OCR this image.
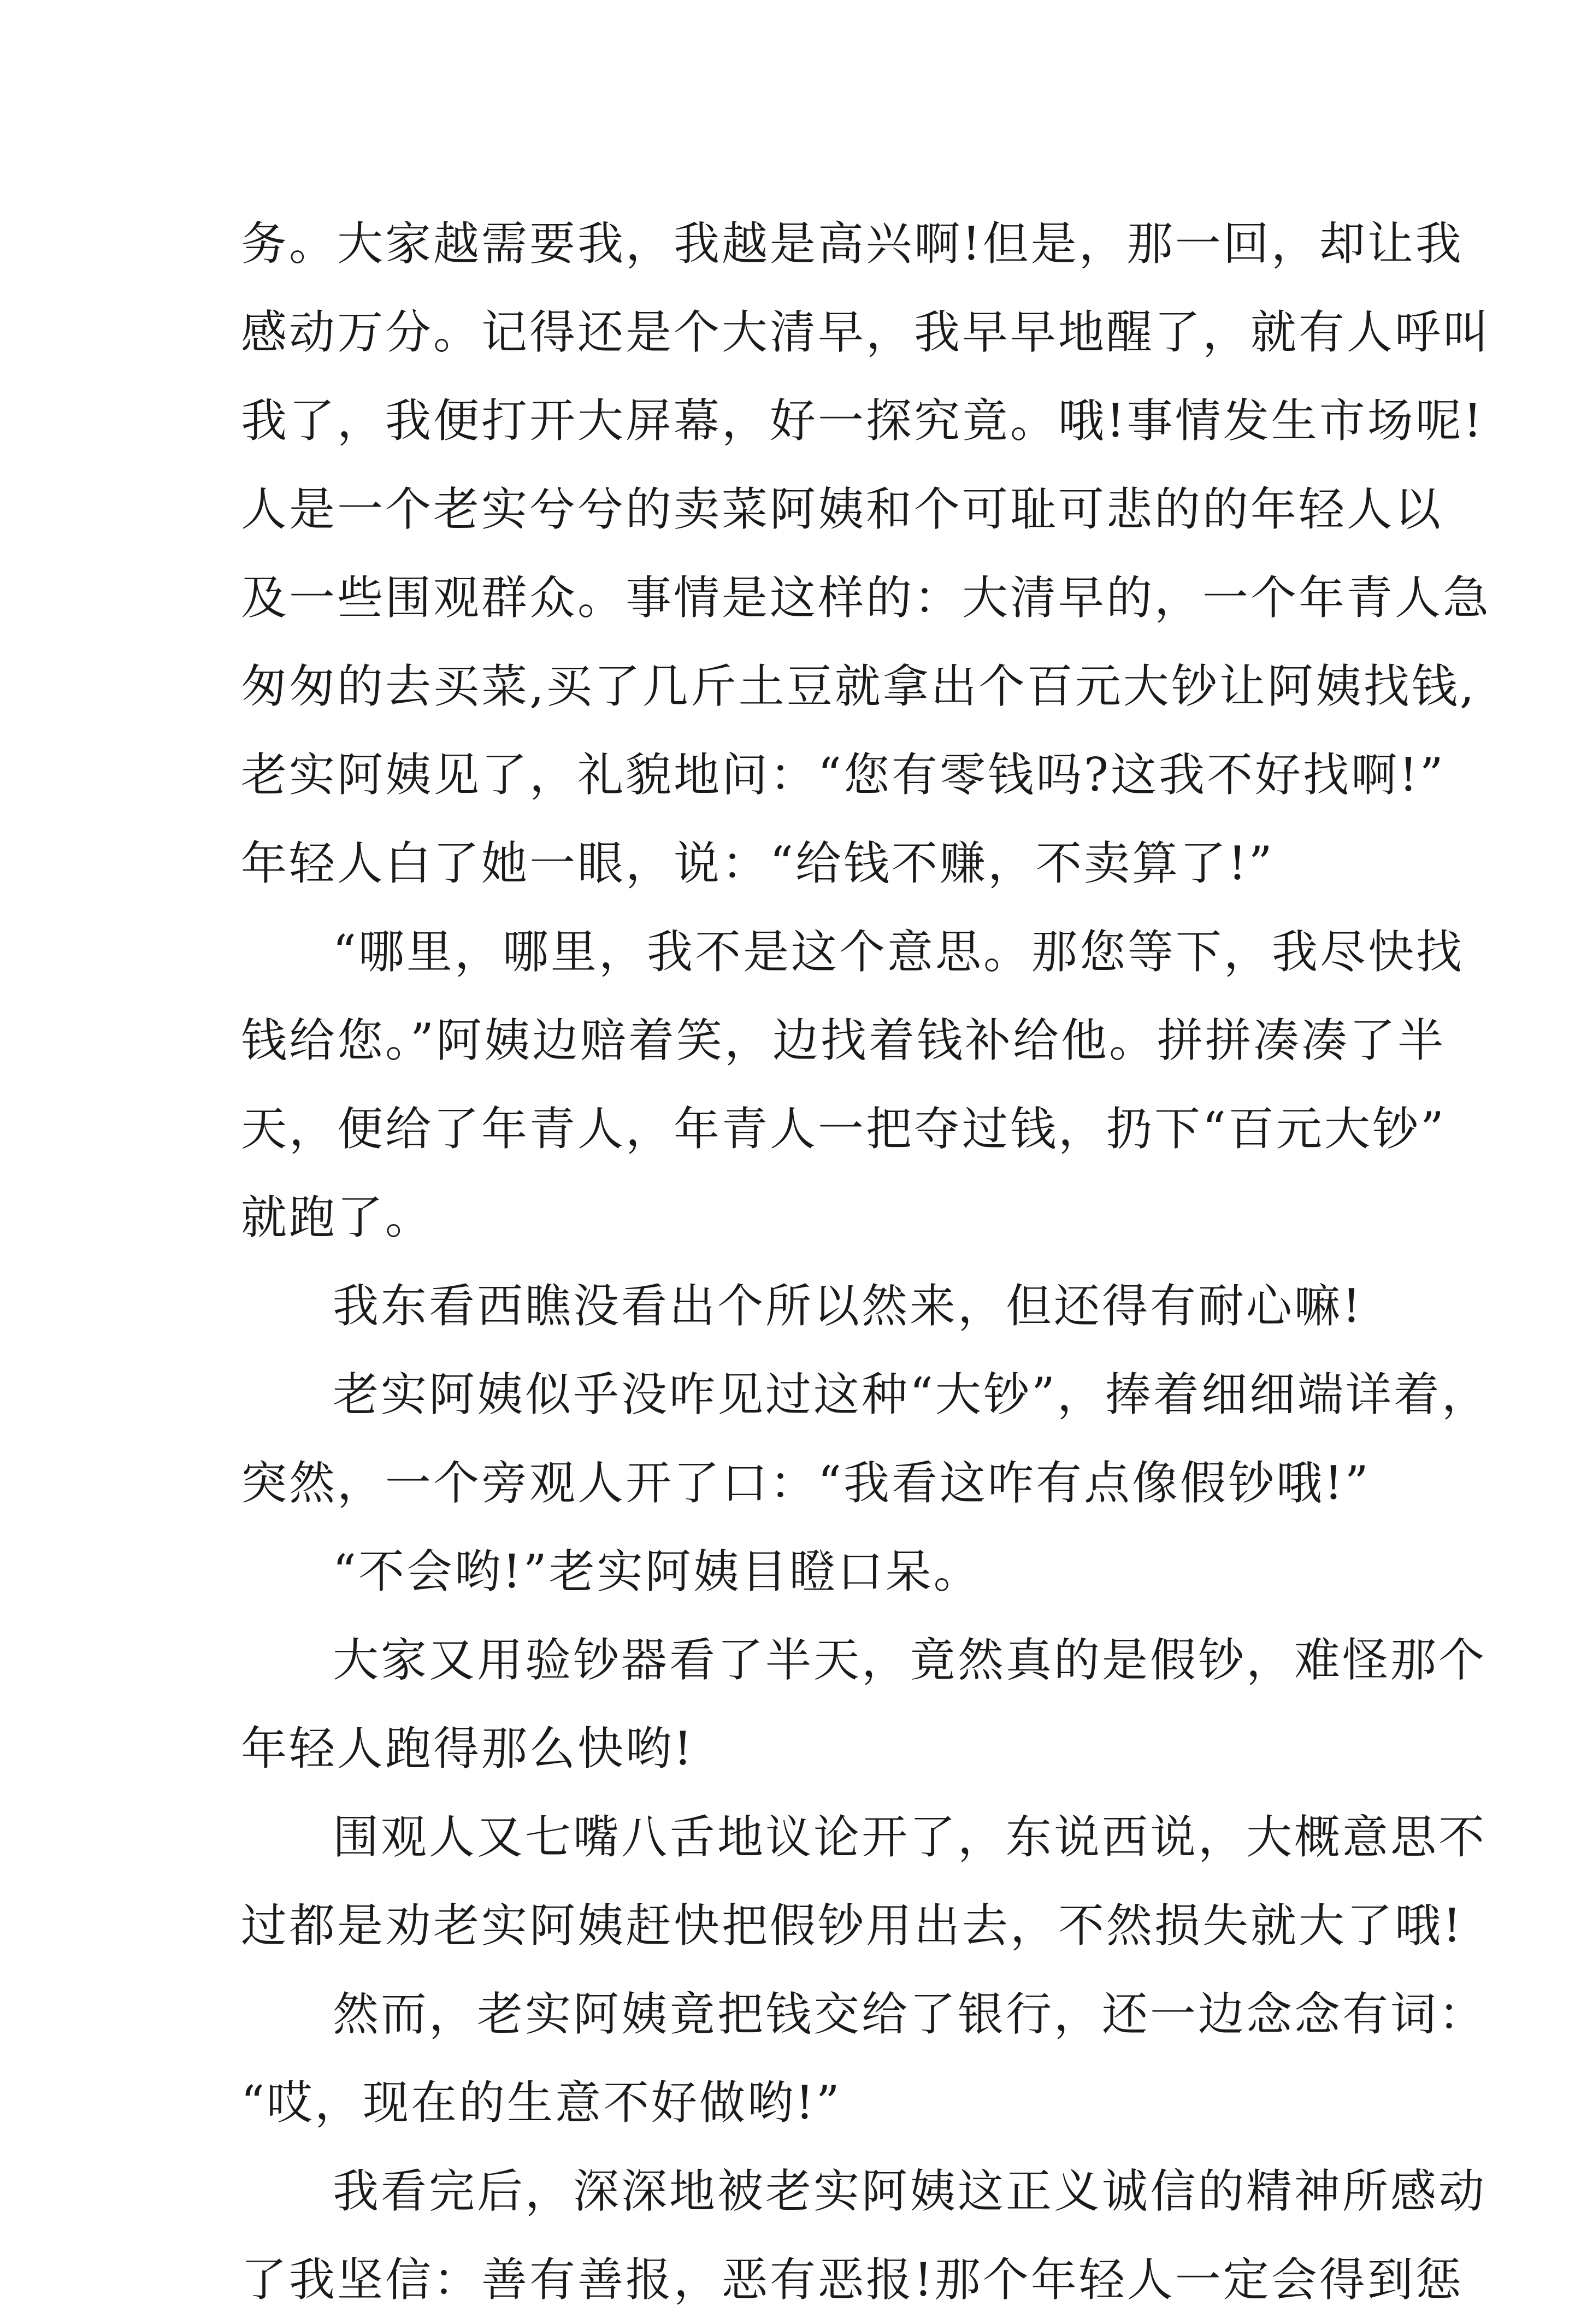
务。大家越需要我，我越是高兴啊!但是，那一回，却让我
感动万分。记得还是个大清早，我早早地醒了，就有人呼叫
我了，我便打开大屏幕，好一探究竟。哦!事情发生市场呢!
人是一个老实兮兮的卖菜阿姨和个可耻可悲的的年轻人以
及一些围观群众。事情是这样的：大清早的，一个年青人急
匆匆的去买菜,买了几斤土豆就拿出个百元大钞让阿姨找钱,
老实阿姨见了，礼貌地问：“您有零钱吗?这我不好找啊!”
年轻人白了她一眼，说：“给钱不赚，不卖算了!”
“哪里，哪里，我不是这个意思。那您等下，我尽快找
钱给您。”阿姨边赔着笑，边找着钱补给他。拼拼凑凑了半
天，便给了年青人，年青人一把夺过钱，扔下“百元大钞”
就跑了。
我东看西瞧没看出个所以然来，但还得有耐心嘛!
老实阿姨似乎没咋见过这种“大钞”，捧着细细端详着，
突然，一个旁观人开了口：“我看这咋有点像假钞哦!”
“不会哟!”老实阿姨目瞪口呆。
大家又用验钞器看了半天，竟然真的是假钞，难怪那个
年轻人跑得那么快哟!
围观人又七嘴八舌地议论开了，东说西说，大概意思不
过都是劝老实阿姨赶快把假钞用出去，不然损失就大了哦!
然而，老实阿姨竟把钱交给了银行，还一边念念有词：
“哎，现在的生意不好做哟!”
我看完后，深深地被老实阿姨这正义诚信的精神所感动
了我坚信：善有善报，恶有恶报!那个年轻人一定会得到惩
